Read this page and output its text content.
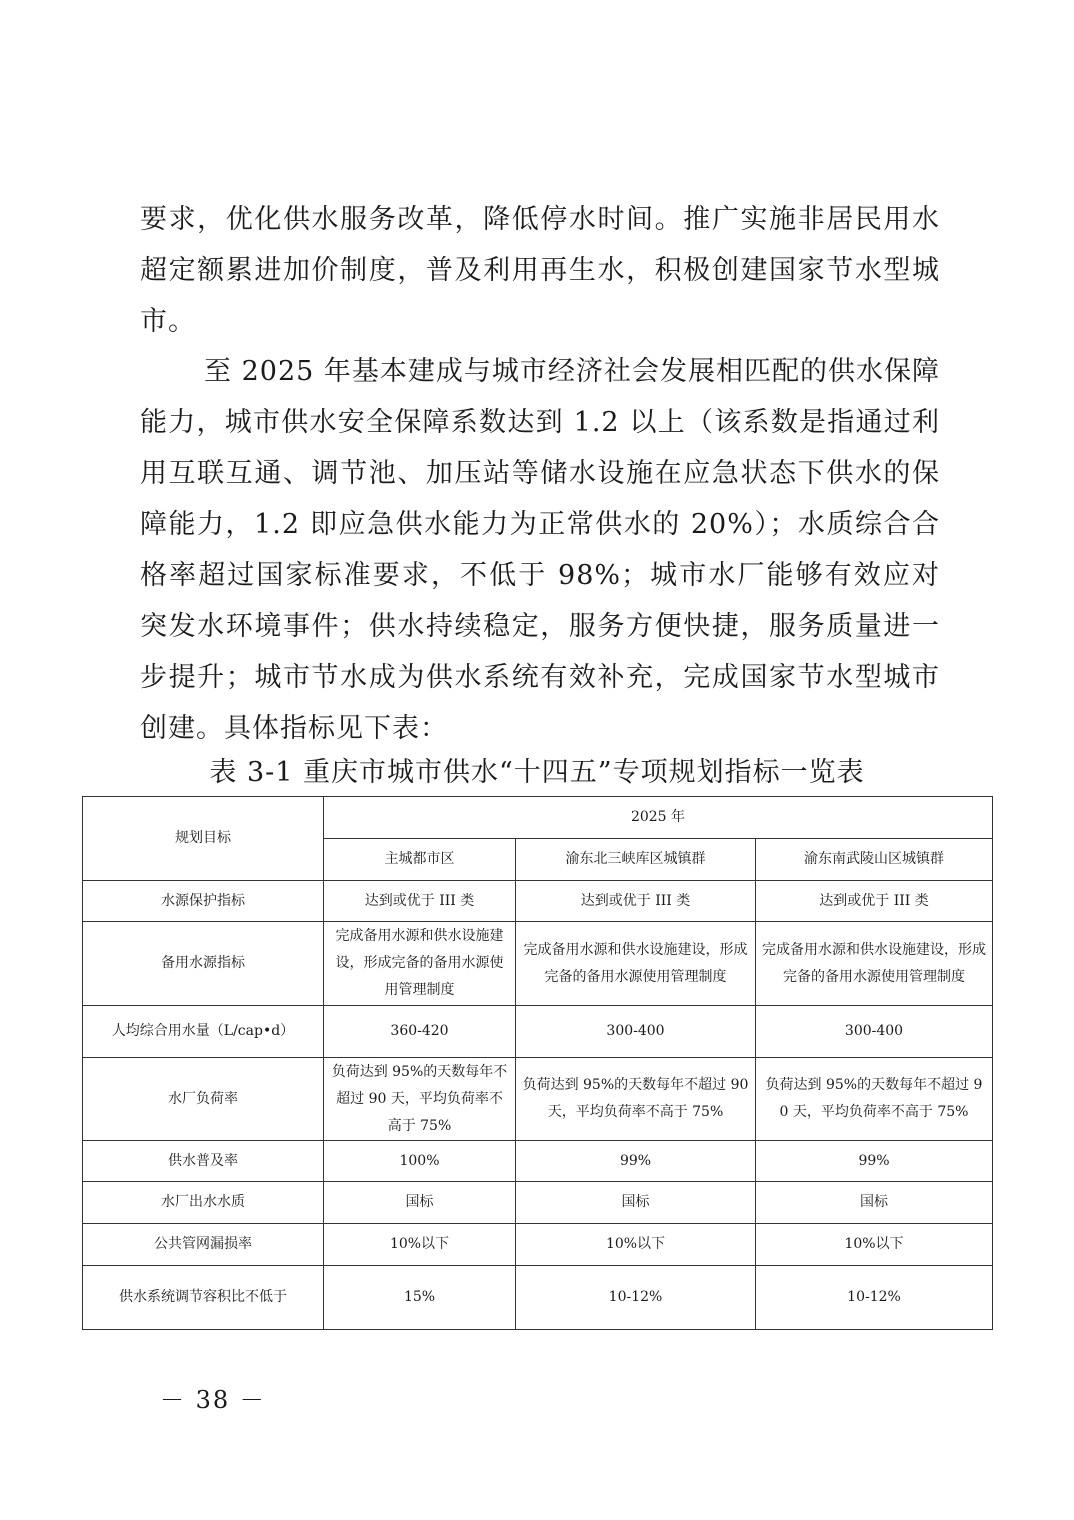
要求，优化供水服务改革，降低停水时间。推广实施非居民用水超定额累进加价制度，普及利用再生水，积极创建国家节水型城市。

至 2025 年基本建成与城市经济社会发展相匹配的供水保障能力，城市供水安全保障系数达到 1.2 以上（该系数是指通过利用互联互通、调节池、加压站等储水设施在应急状态下供水的保障能力，1.2 即应急供水能力为正常供水的 20%）；水质综合合格率超过国家标准要求，不低于 98%；城市水厂能够有效应对突发水环境事件；供水持续稳定，服务方便快捷，服务质量进一步提升；城市节水成为供水系统有效补充，完成国家节水型城市创建。具体指标见下表：

表 3-1 重庆市城市供水“十四五”专项规划指标一览表

规划目标	2025 年		
	主城都市区	渝东北三峡库区城镇群	渝东南武陵山区城镇群
水源保护指标	达到或优于 III 类	达到或优于 III 类	达到或优于 III 类
备用水源指标	完成备用水源和供水设施建设，形成完备的备用水源使用管理制度	完成备用水源和供水设施建设，形成完备的备用水源使用管理制度	完成备用水源和供水设施建设，形成完备的备用水源使用管理制度
人均综合用水量（L/cap•d）	360-420	300-400	300-400
水厂负荷率	负荷达到 95%的天数每年不超过 90 天，平均负荷率不高于 75%	负荷达到 95%的天数每年不超过 90 天，平均负荷率不高于 75%	负荷达到 95%的天数每年不超过 90 天，平均负荷率不高于 75%
供水普及率	100%	99%	99%
水厂出水水质	国标	国标	国标
公共管网漏损率	10%以下	10%以下	10%以下
供水系统调节容积比不低于	15%	10-12%	10-12%

－ 38 －
